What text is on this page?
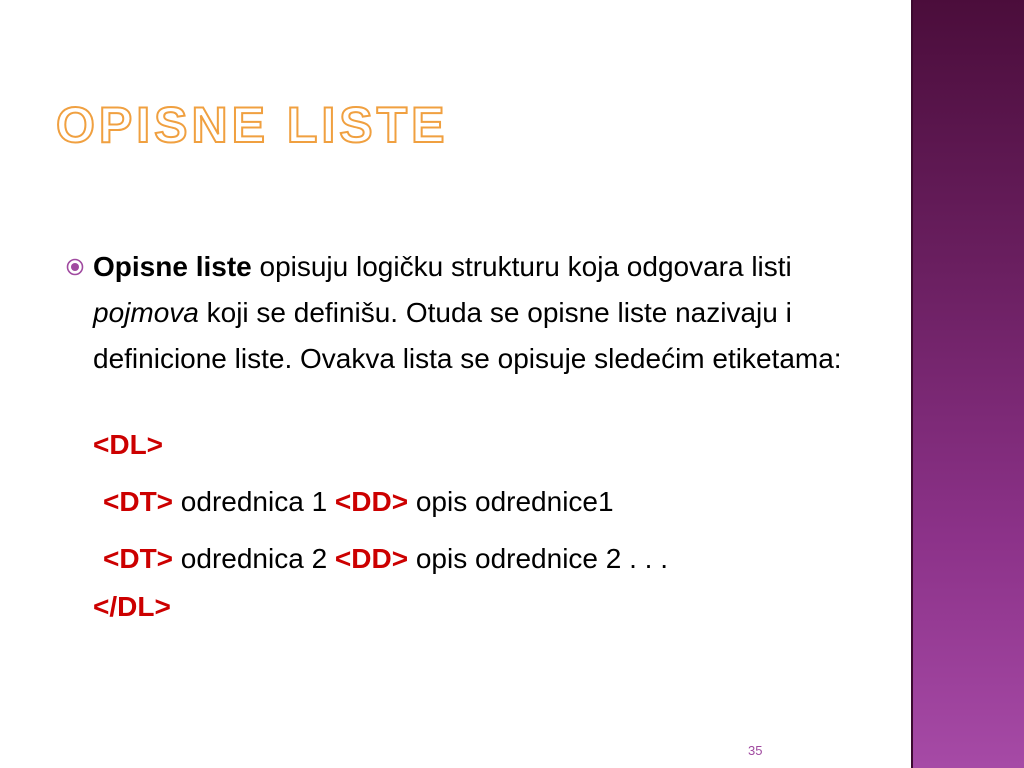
OPISNE LISTE
Opisne liste opisuju logičku strukturu koja odgovara listi pojmova koji se definišu. Otuda se opisne liste nazivaju i definicione liste. Ovakva lista se opisuje sledećim etiketama:
<DL>
<DT> odrednica 1 <DD> opis odrednice1
<DT> odrednica 2 <DD> opis odrednice 2 . . .
</DL>
35
